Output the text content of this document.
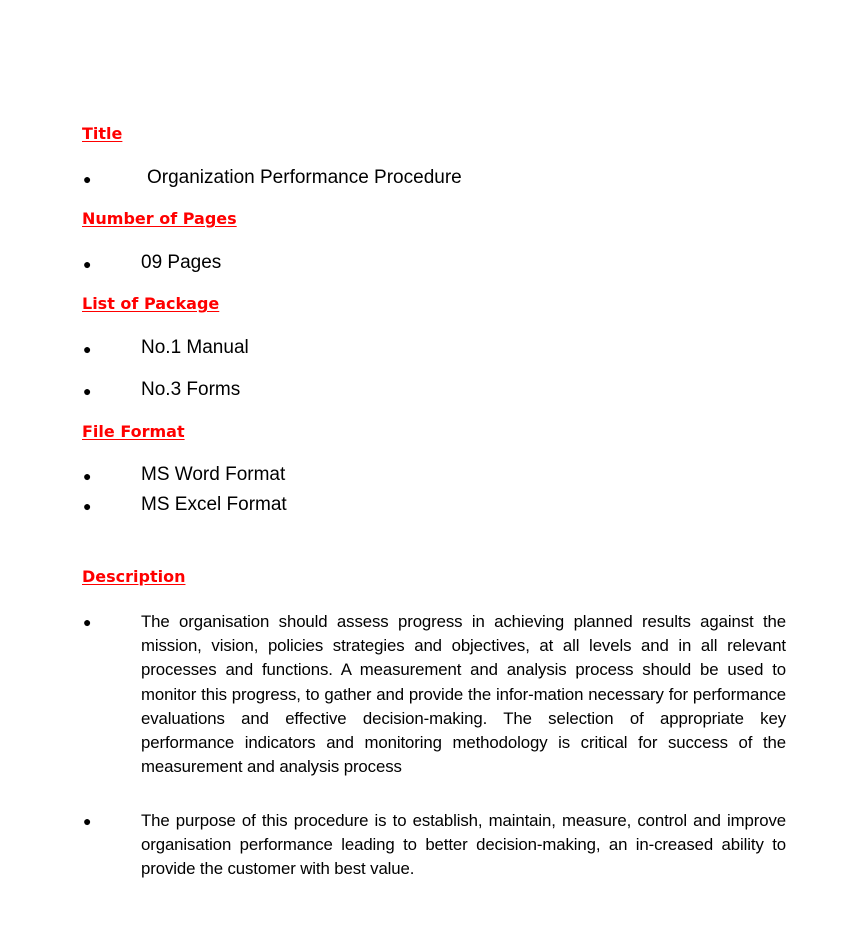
Title
●	Organization Performance Procedure
Number of Pages
●	09 Pages
List of Package
●	No.1 Manual
●	No.3 Forms
File Format
●	MS Word Format
●	MS Excel Format
Description
●	The organisation should assess progress in achieving planned results against the mission, vision, policies strategies and objectives, at all levels and in all relevant processes and functions. A measurement and analysis process should be used to monitor this progress, to gather and provide the infor-mation necessary for performance evaluations and effective decision-making. The selection of appropriate key performance indicators and monitoring methodology is critical for success of the measurement and analysis process

●	The purpose of this procedure is to establish, maintain, measure, control and improve organisation performance leading to better decision-making, an in-creased ability to provide the customer with best value.
